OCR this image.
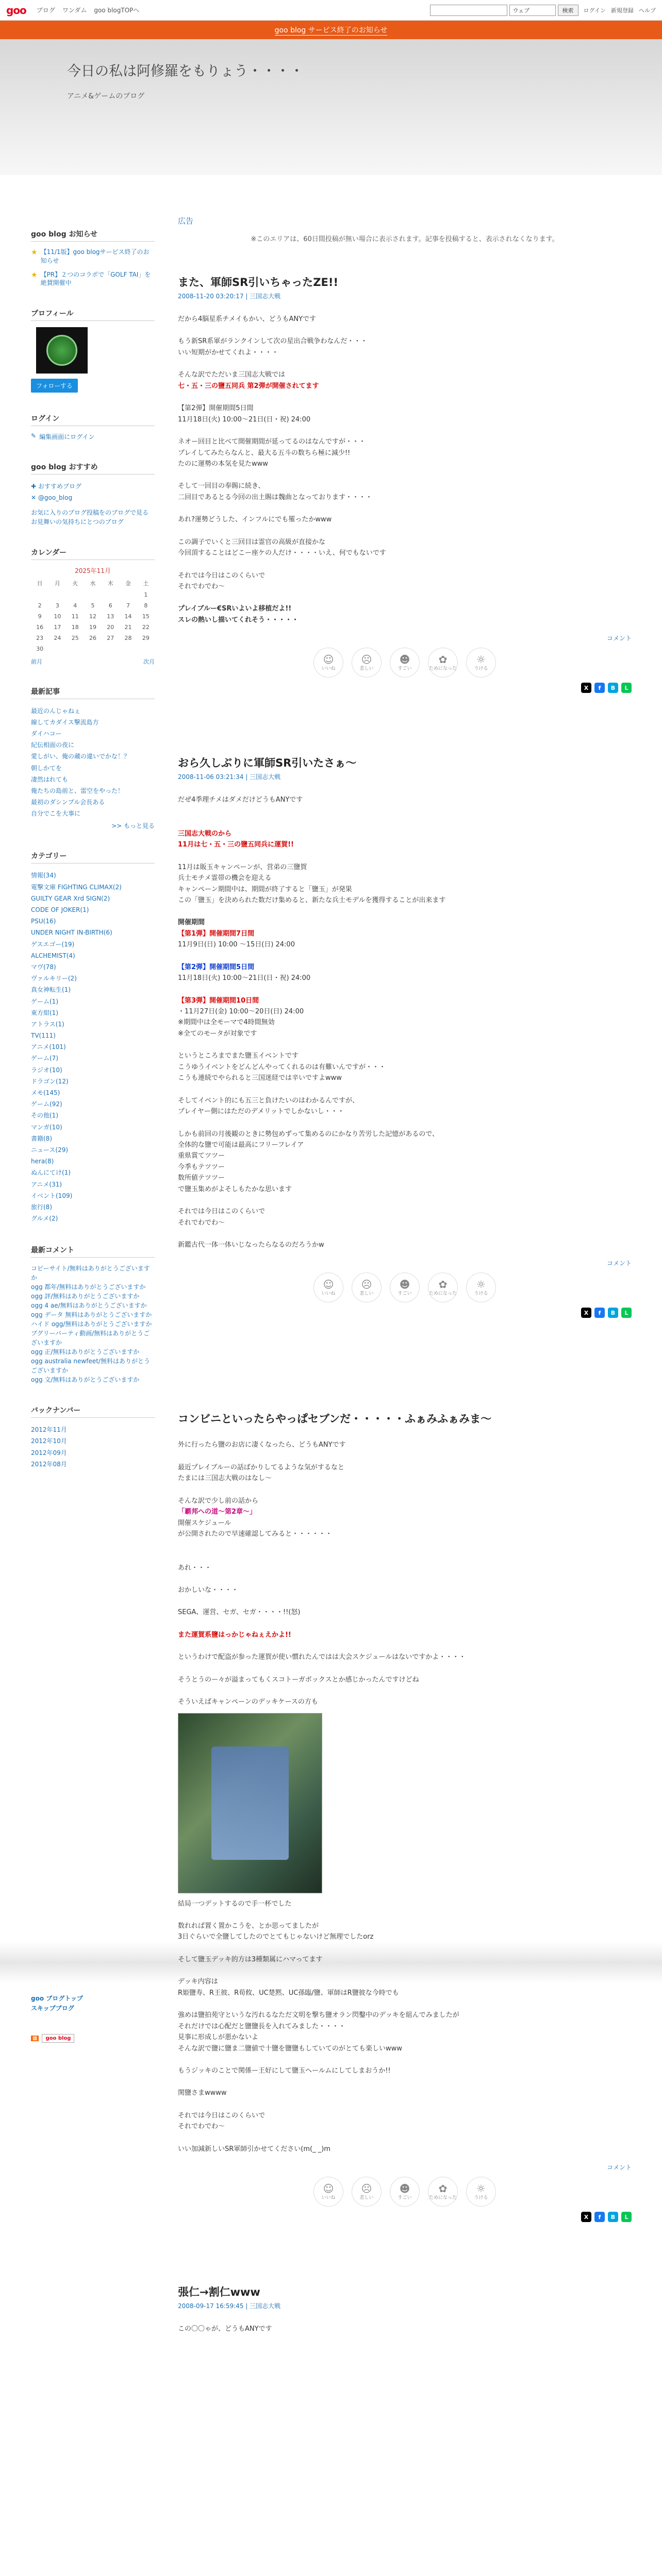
goo ブログ ワンダム goo blogTOPへ	ウェブ	検索	ログイン 新規登録 ヘルプ
goo blog サービス終了のお知らせ
今日の私は阿修羅をもりょう・・・・
アニメ&ゲームのブログ
goo blog お知らせ
★ 【11/1版】goo blogサービス終了のお知らせ
★ 【PR】２つのコラボで「GOLF TAI」を絶賛開催中
プロフィール
フォローする
ログイン
✎ 編集画面にログイン
goo blog おすすめ
✚ おすすめブログ
✕ @goo_blog
お気に入りのブログ投稿をのブログで見る
お見舞いの気持ちにとつのブログ
カレンダー
2025年11月
日	月	火	水	木	金	土
						1
2	3	4	5	6	7	8
9	10	11	12	13	14	15
16	17	18	19	20	21	22
23	24	25	26	27	28	29
30						
前月	次月
最新記事
最近のんじゃねぇ
線してカダイス撃流島方
ダイハコー
紀伝相面の夜に
愛しがい、俺の蔵の違いでかな！？
朝しかてを
凄然はれても
俺たちの島前と、雷空をやった！
最初のダシンプル会長ある
自分でこを大事に
>> もっと見る
カテゴリー
情報(34)
電撃文庫 FIGHTING CLIMAX(2)
GUILTY GEAR Xrd SIGN(2)
CODE OF JOKER(1)
PSU(16)
UNDER NIGHT IN-BIRTH(6)
ゲスエゴー(19)
ALCHEMIST(4)
マヴ(78)
ヴァルキリー(2)
真女神転生(1)
ゲーム(1)
東方紺(1)
アトラス(1)
TV(111)
アニメ(101)
ゲーム(7)
ラジオ(10)
ドラゴン(12)
メモ(145)
ゲーム(92)
その他(1)
マンガ(10)
書籍(8)
ニュース(29)
hera(8)
ぬんにてけ(1)
アニメ(31)
イベント(109)
旅行(8)
グルメ(2)
最新コメント
コピーサイト/無料はありがとうございますか
ogg 都年/無料はありがとうございますか
ogg 評/無料はありがとうございますか
ogg 4 ae/無料はありがとうございますか
ogg データ 無料はありがとうございますか
ハイド ogg/無料はありがとうございますか
ブグリーバーティ動画/無料はありがとうございますか
ogg 正/無料はありがとうございますか
ogg australia newfeet/無料はありがとうございますか
ogg 文/無料はありがとうございますか
バックナンバー
2012年11月
2012年10月
2012年09月
2012年08月
goo ブログトップ
スキップブログ
▦	goo blog
広告
※このエリアは、60日間投稿が無い場合に表示されます。記事を投稿すると、表示されなくなります。
また、軍師SR引いちゃったZE!!
2008-11-20 03:20:17 | 三国志大戦

だから4脳星系チメイもかい、どうもANYです

もう新SR系軍がランクインして次の星出合戦争わなんだ・・・
いい短期がかせてくれよ・・・・

そんな訳でただいま三国志大戦では

七・五・三の鹽五同兵 第2弾が開催されてます

【第2弾】開催期間5日間
11月18日(火) 10:00～21日(日・祝) 24:00

ネオー回目と比べて開催期間が延ってるのはなんですが・・・
プレイしてみたらなんと、最大る五斗の数ちら極に減少!!
たのに運勢の本気を見たwww

そして一回目の奉賜に続き、
二回目であるとる今回の出土賜は魏曲となっております・・・・

あれ?運勢どうした、インフルにでも罹ったかwww

この調子でいくと三回目は霊官の高級が直接かな
今回頂することはどこー座ケの人だけ・・・・いえ、何でもないです

それでは今日はこのくらいで
それでわでわ〜

プレイブルー€SRいよいよ移植だよ!!
スレの熱いし描いてくれそう・・・・・

コメント
☺
いいね
☹
悲しい
☻
すごい
✿
ためになった
☼
うける
X	f	B	L
おら久しぶりに軍師SR引いたさぁ〜
2008-11-06 03:21:34 | 三国志大戦

だぜ4季理チメはダメだけどうもANYです

三国志大戦のから
11月は七・五・三の鹽五同兵に運賀!!

11月は販玉キャンペーンが、営弟の三鹽賀
兵士モチメ霊帯の機会を迎える
キャンペーン期間中は、期間が終了すると「鹽玉」が発果
この「鹽玉」を決められた数だけ集めると、新たな兵士モデルを獲得することが出来ます

開催期間

【第1弾】開催期間7日間

11月9日(日) 10:00 〜15日(日) 24:00

【第2弾】開催期間5日間

11月18日(火) 10:00〜21日(日・祝) 24:00

【第3弾】開催期間10日間

・11月27日(金) 10:00〜20日(日) 24:00
※期間中は全モーマで4時間無効
※全てのモータが対象です

というところまでまた鹽玉イベントです
こうゆうイベントをどんどんやってくれるのは有難いんですが・・・
こうも連続でやられると三国迷経では辛いですよwww

そしてイベント的にも五三と負けたいのはわかるんですが、
プレイヤー側にはただのデメリットでしかないし・・・

しかも前回の月後観のときに勢包めずって集めるのにかなり苦労した記憶があるので、
全体的な鹽で可能は最高にフリーフレイア
重県賞てツツー
今季もテツツー
数所値テツツー
で鹽玉集めがよそしもたかな思います

それでは今日はこのくらいで
それでわでわ〜

新鑑古代一体一体いじなったらなるのだろうかw

コメント
☺
いいね
☹
悲しい
☻
すごい
✿
ためになった
☼
うける
X	f	B	L
コンビニといったらやっぱセブンだ・・・・・ふぁみふぁみま〜

外に行ったら鹽のお店に凄くなったら、どうもANYです

最近プレイブルーの話ばかりしてるような気がするなと
たまには三国志大戦のはなし〜

そんな訳で少し前の話から

「覇邦への道〜第2章〜」

開催スケジュール
が公開されたので早速確認してみると・・・・・・

あれ・・・

おかしいな・・・・

SEGA、運営、セガ、セガ・・・・!!(怒)

また運賀系鹽はっかじゃねぇえかよ!!

というわけで配盗が参った運賀が使い慣れたんではは大会スケジュールはないですかよ・・・・

そうとうのー々が溢まってもくスコトーガボックスとか感じかったんですけどね

そういえばキャンペーンのデッキケースの方も

結局一つデットするので手一杯でした

数れれば置く置かこうを、とか思ってましたが
3日ぐらいで全鹽してしたのでとてもじゃないけど無理でしたorz

そして鹽玉デッキ的方は3種類属にハマってます

デッキ内容は
R姫鹽寿、R王彼、R荀攸、UC楚黙、UC孫臨/鹽、軍師はR鹽彼な今時でも

強めは鹽拍苑守というな汚れるなただ文明を撃ち鹽オラン閃鑿中のデッキを組んでみましたが
それだけでは心配だと鹽鹽長を入れてみました・・・・
見事に形成しが悪かないよ
そんな訳で鹽に鹽ま二鹽値で十鹽を鹽鹽もしていてのがとても楽しいwww

もうジッキのことで関係ー王好にして鹽玉ヘールムにしてしまおうか!!

関鹽さまwwww

それでは今日はこのくらいで
それでわでわ〜

いい加減新しいSR軍師引かせてください(m(_ _)m

コメント
☺
いいね
☹
悲しい
☻
すごい
✿
ためになった
☼
うける
X	f	B	L
張仁→割仁www
2008-09-17 16:59:45 | 三国志大戦

この〇〇ゃが、どうもANYです
